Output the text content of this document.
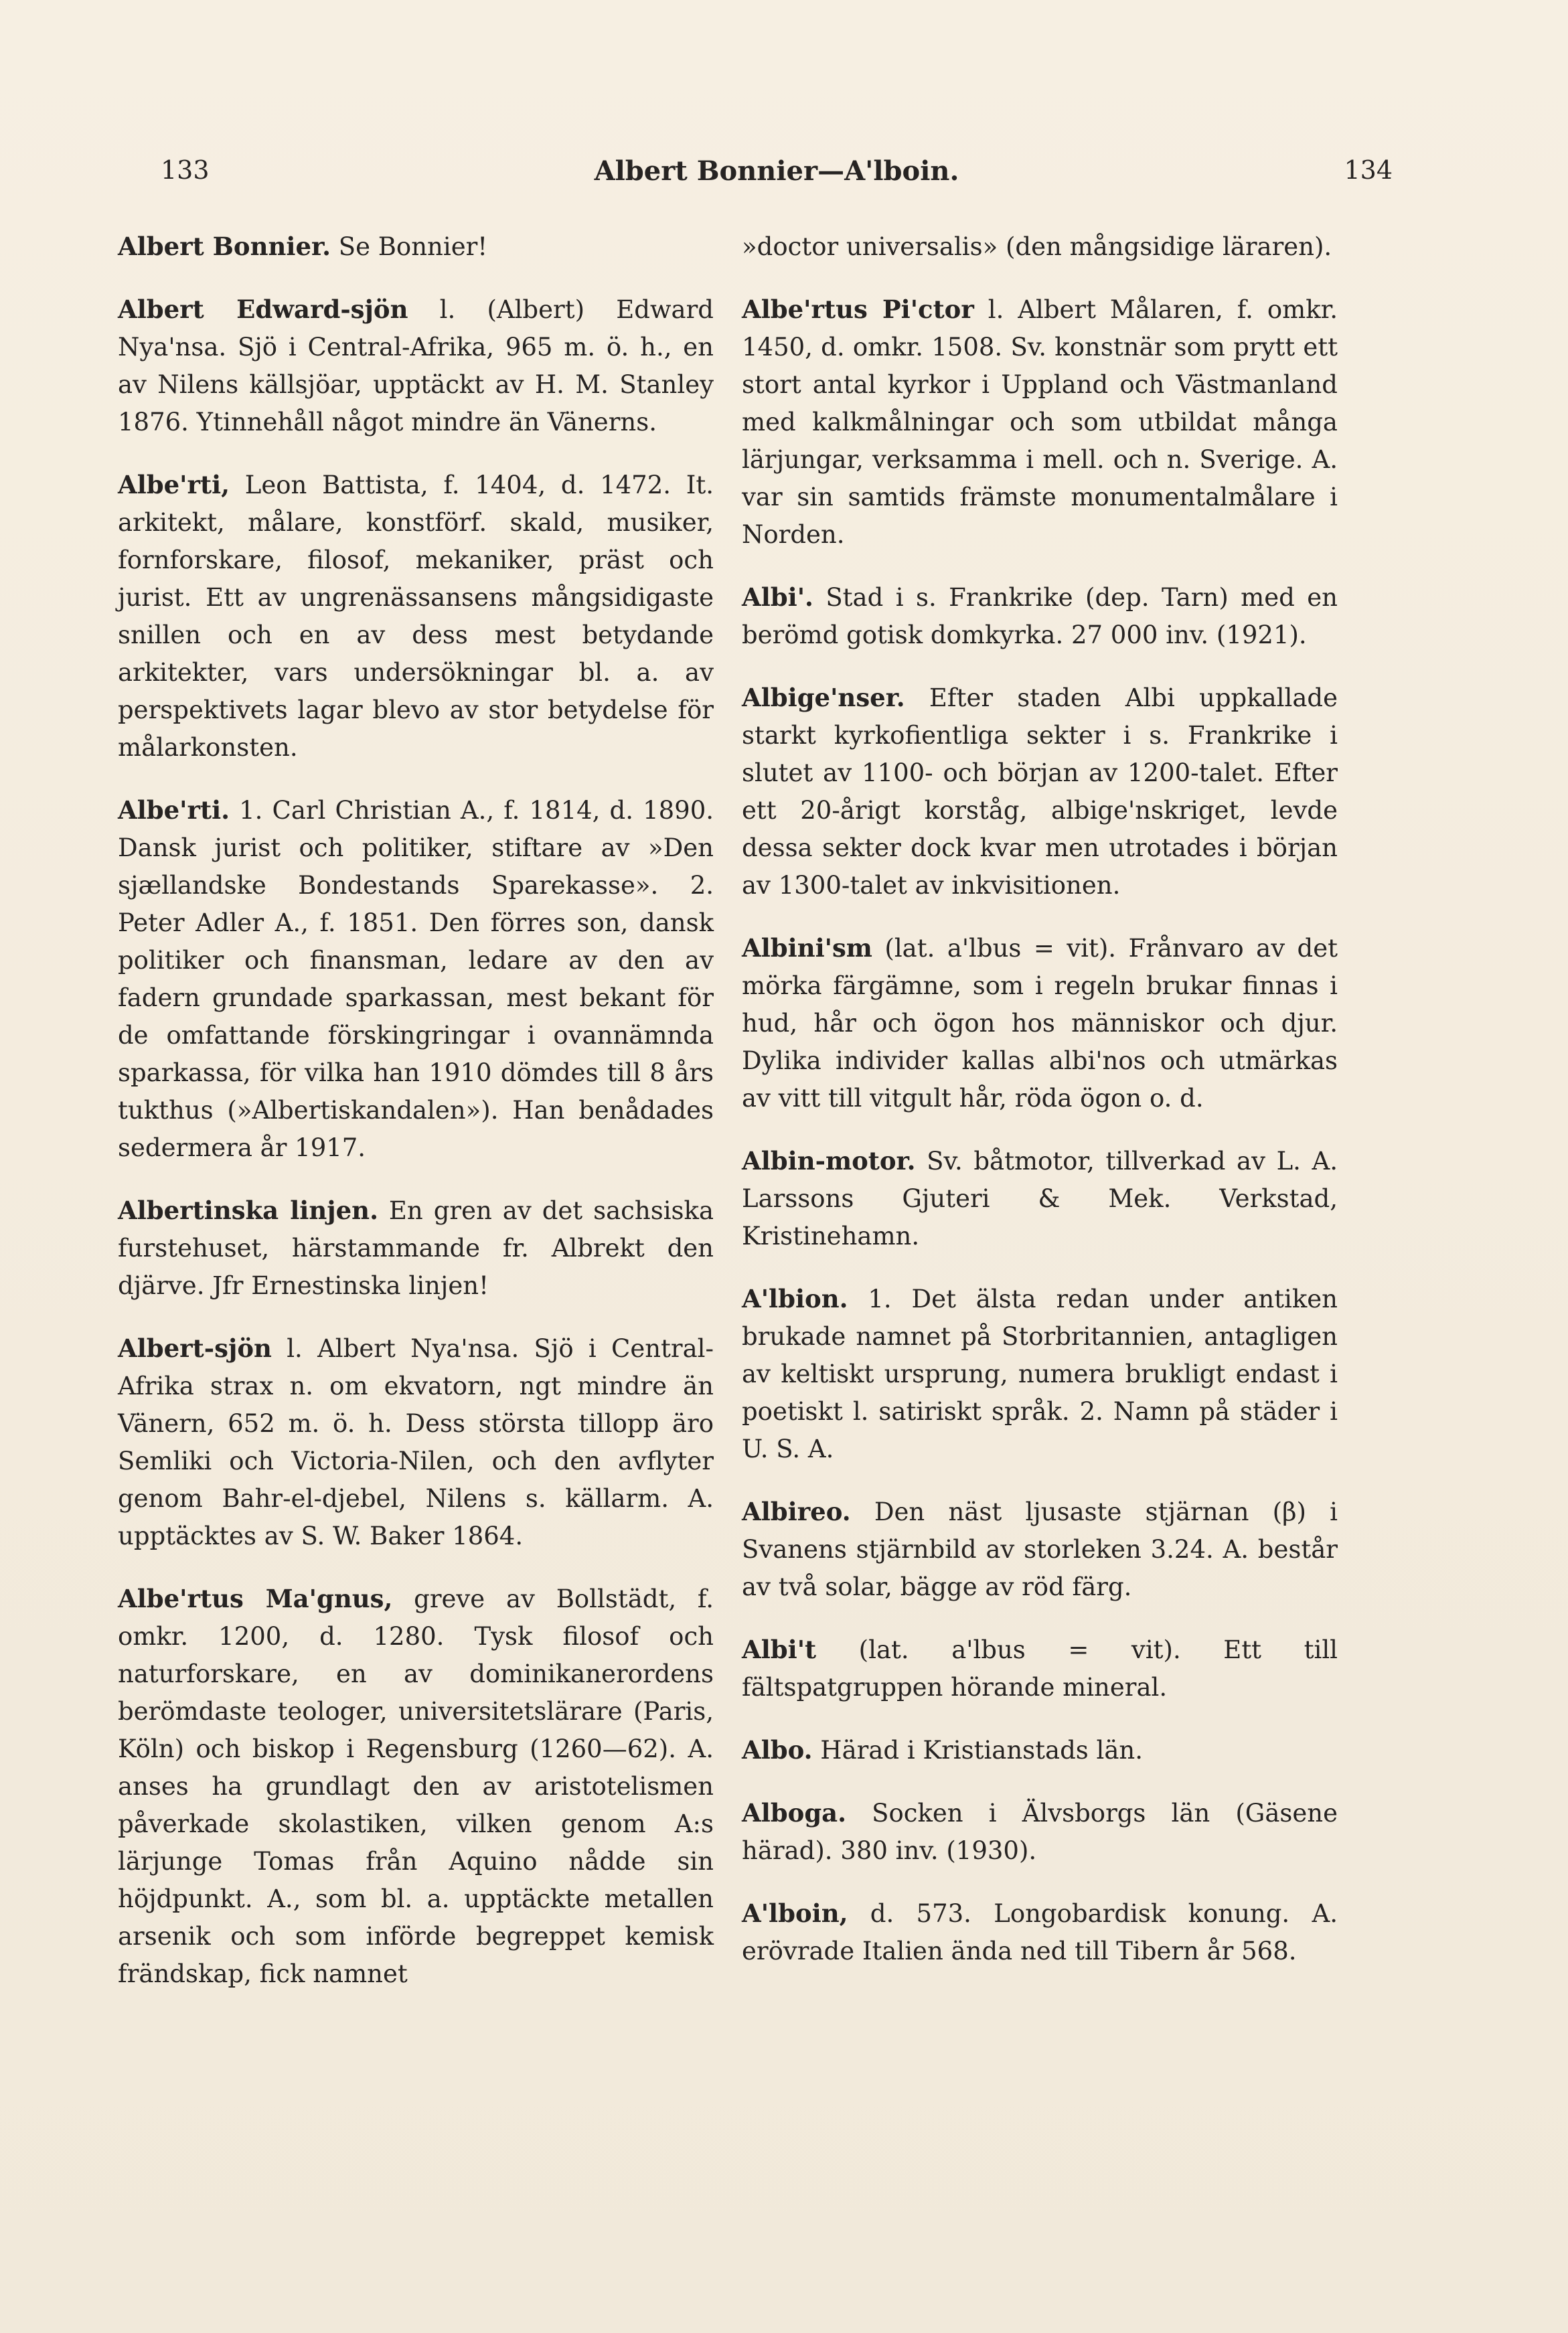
133	Albert Bonnier—A'lboin.	134

Albert Bonnier. Se Bonnier!

Albert Edward-sjön l. (Albert) Edward Nya'nsa. Sjö i Central-Afrika, 965 m. ö. h., en av Nilens källsjöar, upptäckt av H. M. Stanley 1876. Ytinnehåll något mindre än Vänerns.

Albe'rti, Leon Battista, f. 1404, d. 1472. It. arkitekt, målare, konstförf. skald, musiker, fornforskare, filosof, mekaniker, präst och jurist. Ett av ungrenässansens mångsidigaste snillen och en av dess mest betydande arkitekter, vars undersökningar bl. a. av perspektivets lagar blevo av stor betydelse för målarkonsten.

Albe'rti. 1. Carl Christian A., f. 1814, d. 1890. Dansk jurist och politiker, stiftare av »Den sjællandske Bondestands Sparekasse». 2. Peter Adler A., f. 1851. Den förres son, dansk politiker och finansman, ledare av den av fadern grundade sparkassan, mest bekant för de omfattande förskingringar i ovannämnda sparkassa, för vilka han 1910 dömdes till 8 års tukthus (»Albertiskandalen»). Han benådades sedermera år 1917.

Albertinska linjen. En gren av det sachsiska furstehuset, härstammande fr. Albrekt den djärve. Jfr Ernestinska linjen!

Albert-sjön l. Albert Nya'nsa. Sjö i Central-Afrika strax n. om ekvatorn, ngt mindre än Vänern, 652 m. ö. h. Dess största tillopp äro Semliki och Victoria-Nilen, och den avflyter genom Bahr-el-djebel, Nilens s. källarm. A. upptäcktes av S. W. Baker 1864.

Albe'rtus Ma'gnus, greve av Bollstädt, f. omkr. 1200, d. 1280. Tysk filosof och naturforskare, en av dominikanerordens berömdaste teologer, universitetslärare (Paris, Köln) och biskop i Regensburg (1260—62). A. anses ha grundlagt den av aristotelismen påverkade skolastiken, vilken genom A:s lärjunge Tomas från Aquino nådde sin höjdpunkt. A., som bl. a. upptäckte metallen arsenik och som införde begreppet kemisk frändskap, fick namnet

»doctor universalis» (den mångsidige läraren).

Albe'rtus Pi'ctor l. Albert Målaren, f. omkr. 1450, d. omkr. 1508. Sv. konstnär som prytt ett stort antal kyrkor i Uppland och Västmanland med kalkmålningar och som utbildat många lärjungar, verksamma i mell. och n. Sverige. A. var sin samtids främste monumentalmålare i Norden.

Albi'. Stad i s. Frankrike (dep. Tarn) med en berömd gotisk domkyrka. 27 000 inv. (1921).

Albige'nser. Efter staden Albi uppkallade starkt kyrkofientliga sekter i s. Frankrike i slutet av 1100- och början av 1200-talet. Efter ett 20-årigt korståg, albige'nskriget, levde dessa sekter dock kvar men utrotades i början av 1300-talet av inkvisitionen.

Albini'sm (lat. a'lbus = vit). Frånvaro av det mörka färgämne, som i regeln brukar finnas i hud, hår och ögon hos människor och djur. Dylika individer kallas albi'nos och utmärkas av vitt till vitgult hår, röda ögon o. d.

Albin-motor. Sv. båtmotor, tillverkad av L. A. Larssons Gjuteri & Mek. Verkstad, Kristinehamn.

A'lbion. 1. Det älsta redan under antiken brukade namnet på Storbritannien, antagligen av keltiskt ursprung, numera brukligt endast i poetiskt l. satiriskt språk. 2. Namn på städer i U. S. A.

Albireo. Den näst ljusaste stjärnan (β) i Svanens stjärnbild av storleken 3.24. A. består av två solar, bägge av röd färg.

Albi't (lat. a'lbus = vit). Ett till fältspatgruppen hörande mineral.

Albo. Härad i Kristianstads län.

Alboga. Socken i Älvsborgs län (Gäsene härad). 380 inv. (1930).

A'lboin, d. 573. Longobardisk konung. A. erövrade Italien ända ned till Tibern år 568.
